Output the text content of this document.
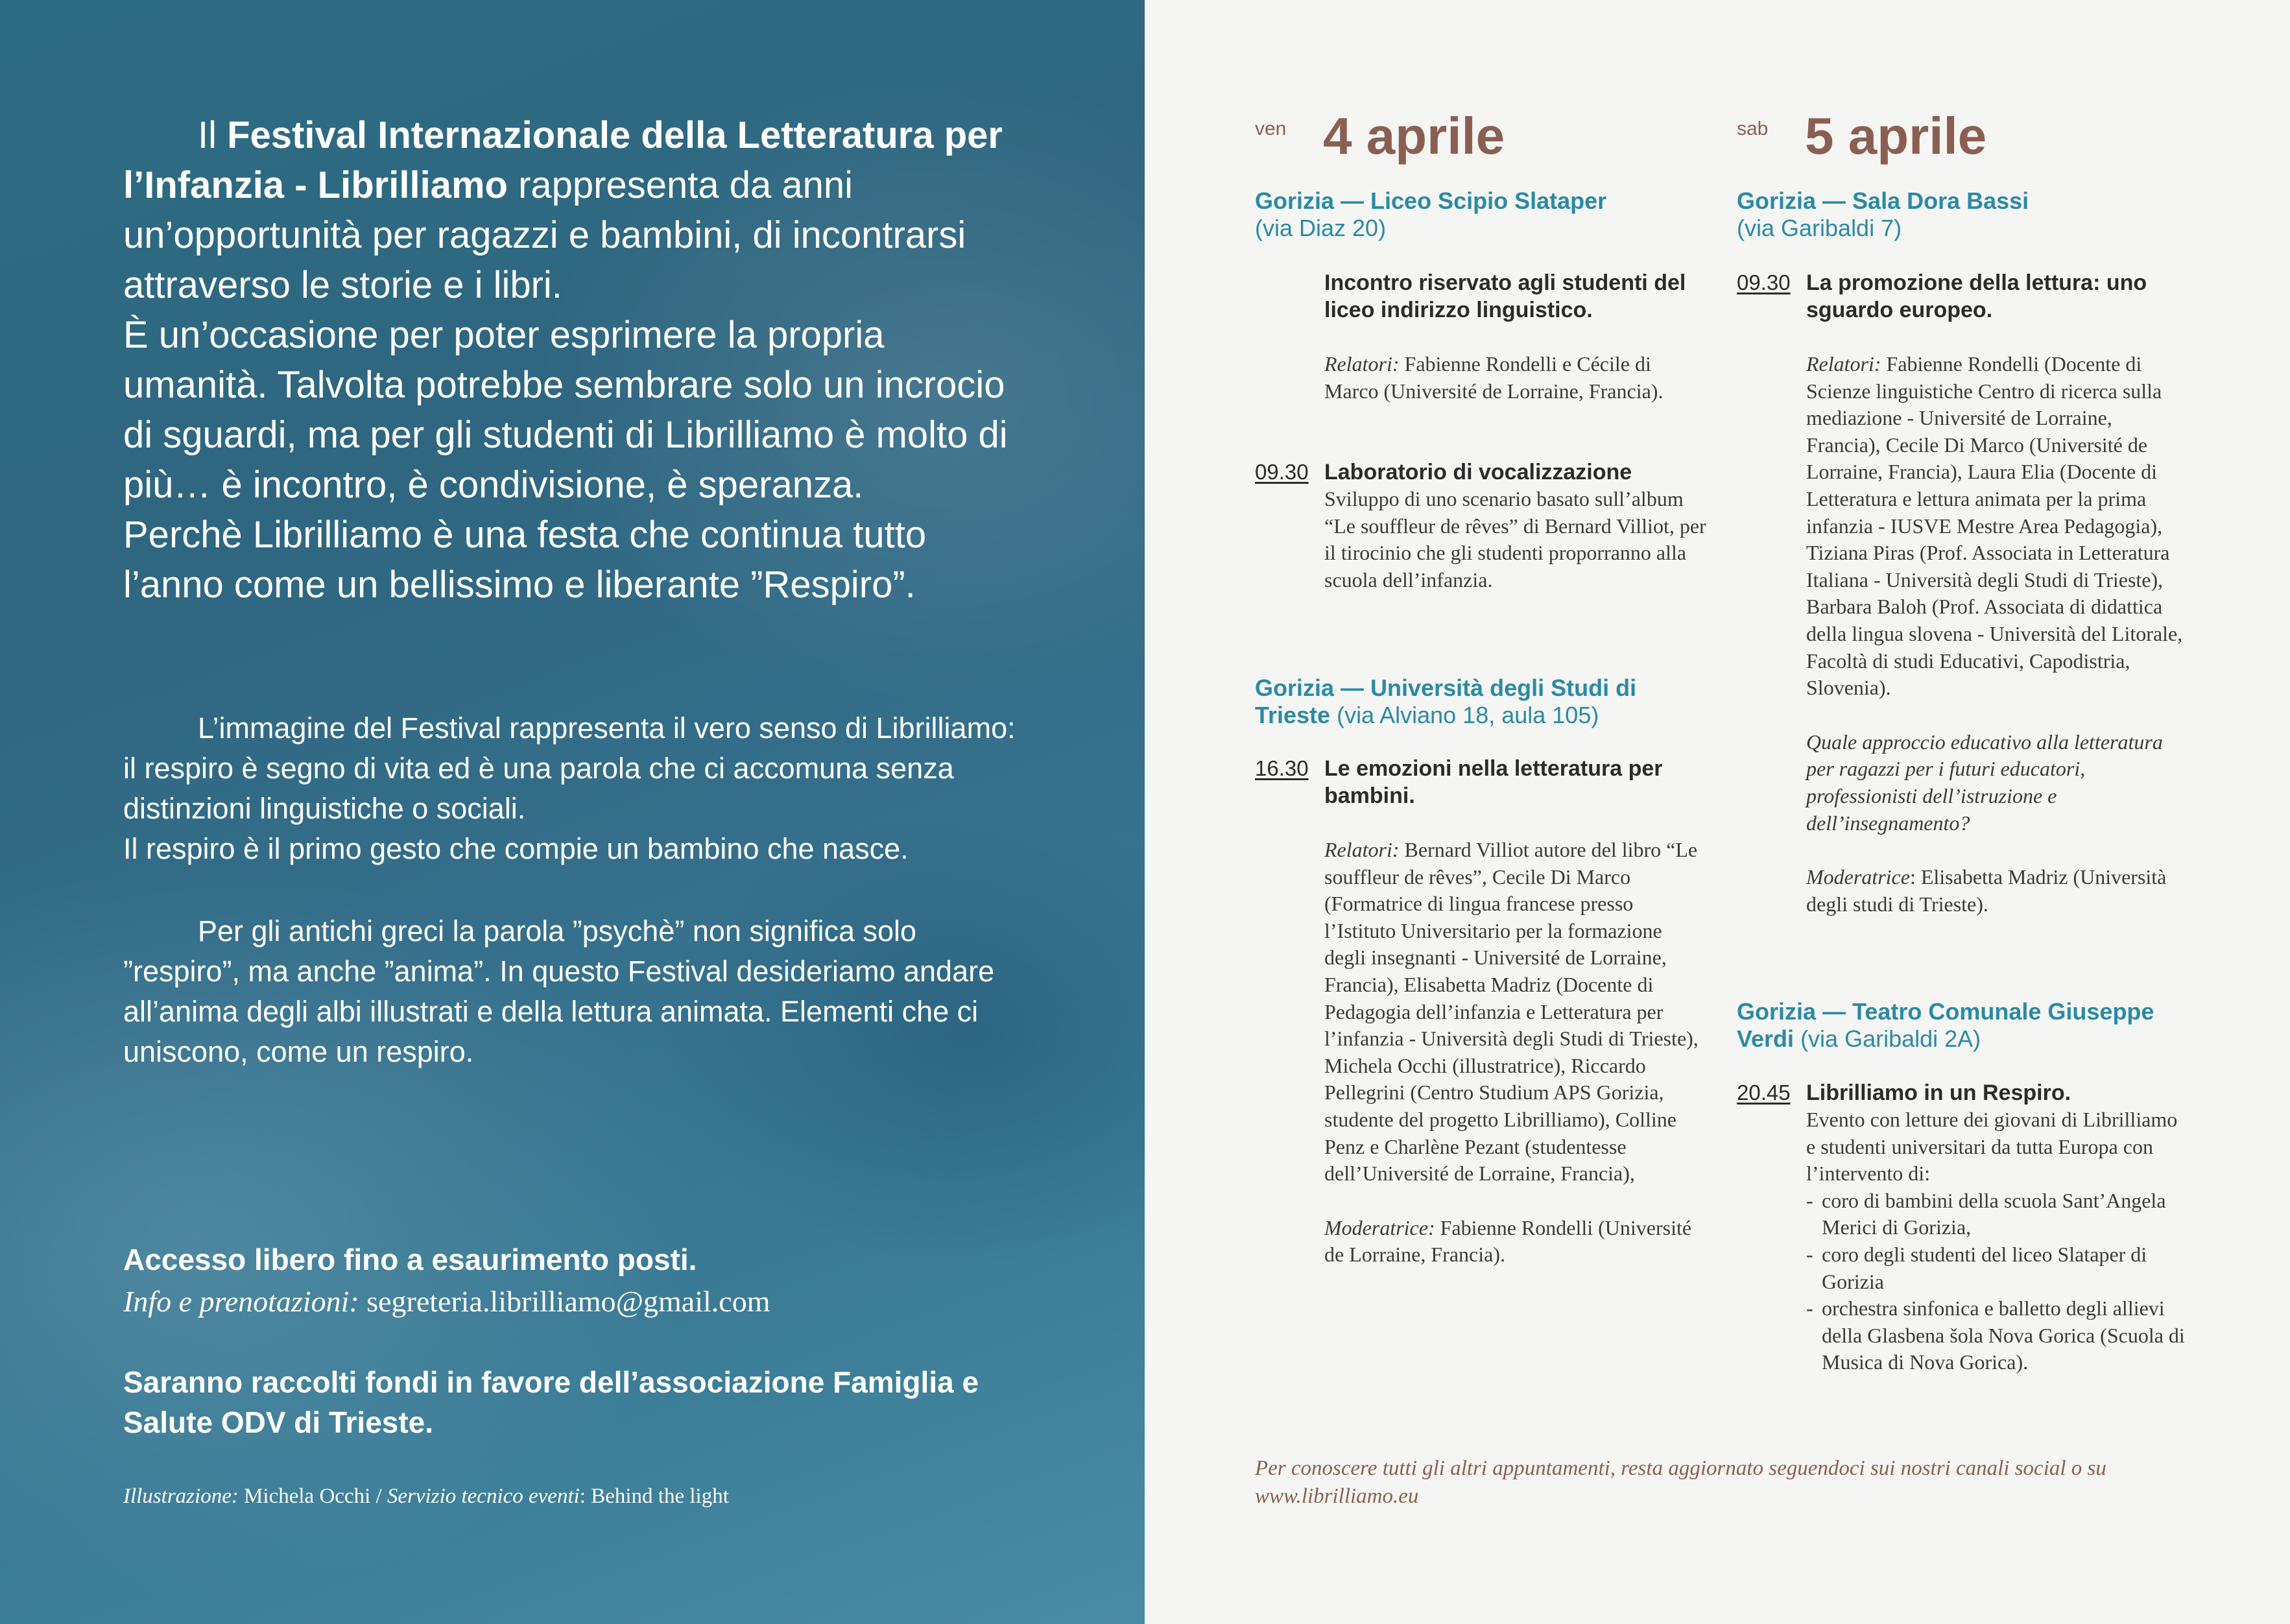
Il Festival Internazionale della Letteratura per l’Infanzia - Librilliamo rappresenta da anni un’opportunità per ragazzi e bambini, di incontrarsi attraverso le storie e i libri.
È un’occasione per poter esprimere la propria umanità. Talvolta potrebbe sembrare solo un incrocio di sguardi, ma per gli studenti di Librilliamo è molto di più… è incontro, è condivisione, è speranza.
Perchè Librilliamo è una festa che continua tutto l’anno come un bellissimo e liberante ”Respiro”.

L’immagine del Festival rappresenta il vero senso di Librilliamo: il respiro è segno di vita ed è una parola che ci accomuna senza distinzioni linguistiche o sociali.
Il respiro è il primo gesto che compie un bambino che nasce.

Per gli antichi greci la parola ”psychè” non significa solo ”respiro”, ma anche ”anima”. In questo Festival desideriamo andare all’anima degli albi illustrati e della lettura animata. Elementi che ci uniscono, come un respiro.

Accesso libero fino a esaurimento posti.

Info e prenotazioni: segreteria.librilliamo@gmail.com

Saranno raccolti fondi in favore dell’associazione Famiglia e Salute ODV di Trieste.

Illustrazione: Michela Occhi / Servizio tecnico eventi: Behind the light

ven 4 aprile
Gorizia — Liceo Scipio Slataper
(via Diaz 20)

Incontro riservato agli studenti del liceo indirizzo linguistico.

Relatori: Fabienne Rondelli e Cécile di Marco (Université de Lorraine, Francia).

09.30 Laboratorio di vocalizzazione

Sviluppo di uno scenario basato sull’album “Le souffleur de rêves” di Bernard Villiot, per il tirocinio che gli studenti proporranno alla scuola dell’infanzia.

Gorizia — Università degli Studi di Trieste (via Alviano 18, aula 105)
16.30 Le emozioni nella letteratura per bambini.

Relatori: Bernard Villiot autore del libro “Le souffleur de rêves”, Cecile Di Marco (Formatrice di lingua francese presso l’Istituto Universitario per la formazione degli insegnanti - Université de Lorraine, Francia), Elisabetta Madriz (Docente di Pedagogia dell’infanzia e Letteratura per l’infanzia - Università degli Studi di Trieste), Michela Occhi (illustratrice), Riccardo Pellegrini (Centro Studium APS Gorizia, studente del progetto Librilliamo), Colline Penz e Charlène Pezant (studentesse dell’Université de Lorraine, Francia),

Moderatrice: Fabienne Rondelli (Université de Lorraine, Francia).

sab 5 aprile
Gorizia — Sala Dora Bassi
(via Garibaldi 7)
09.30 La promozione della lettura: uno sguardo europeo.

Relatori: Fabienne Rondelli (Docente di Scienze linguistiche Centro di ricerca sulla mediazione - Université de Lorraine, Francia), Cecile Di Marco (Université de Lorraine, Francia), Laura Elia (Docente di Letteratura e lettura animata per la prima infanzia - IUSVE Mestre Area Pedagogia), Tiziana Piras (Prof. Associata in Letteratura Italiana - Università degli Studi di Trieste), Barbara Baloh (Prof. Associata di didattica della lingua slovena - Università del Litorale, Facoltà di studi Educativi, Capodistria, Slovenia).

Quale approccio educativo alla letteratura per ragazzi per i futuri educatori, professionisti dell’istruzione e dell’insegnamento?

Moderatrice: Elisabetta Madriz (Università degli studi di Trieste).

Gorizia — Teatro Comunale Giuseppe Verdi (via Garibaldi 2A)
20.45 Librilliamo in un Respiro.

Evento con letture dei giovani di Librilliamo e studenti universitari da tutta Europa con l’intervento di:

- coro di bambini della scuola Sant’Angela Merici di Gorizia,
- coro degli studenti del liceo Slataper di Gorizia
- orchestra sinfonica e balletto degli allievi della Glasbena šola Nova Gorica (Scuola di Musica di Nova Gorica).

Per conoscere tutti gli altri appuntamenti, resta aggiornato seguendoci sui nostri canali social o su www.librilliamo.eu
